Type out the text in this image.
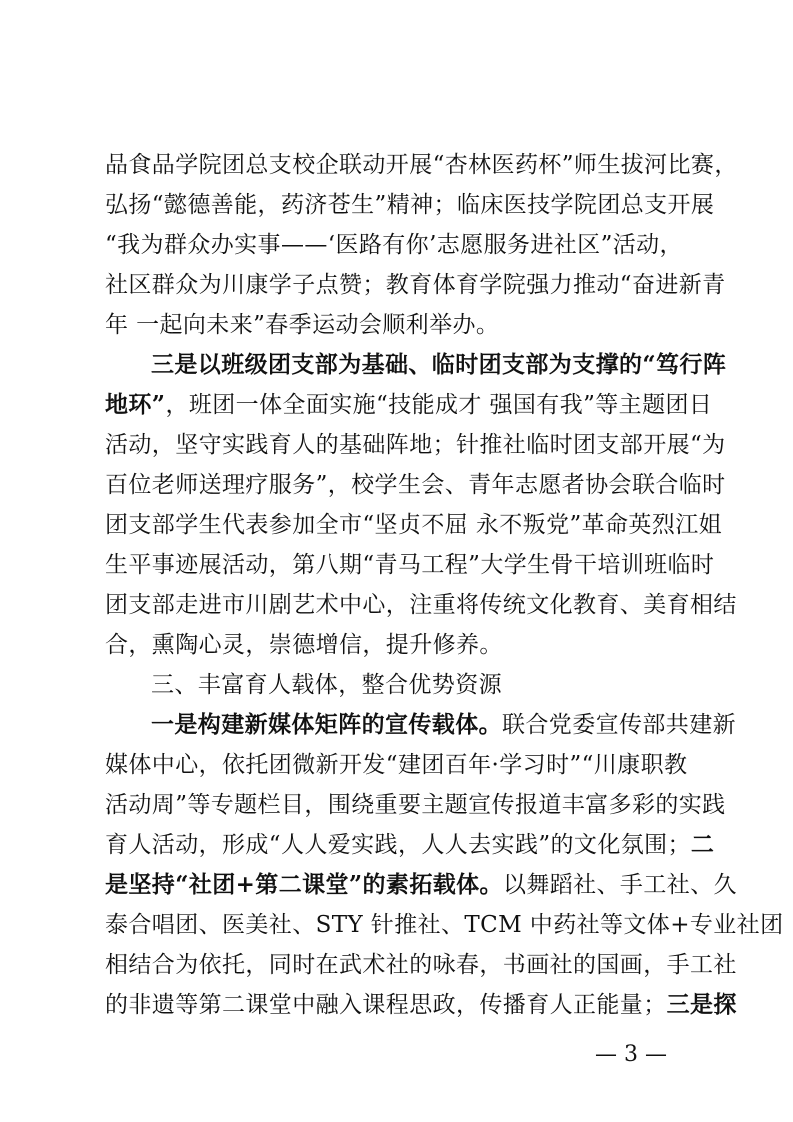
品食品学院团总支校企联动开展“杏林医药杯”师生拔河比赛，
弘扬“懿德善能，药济苍生”精神；临床医技学院团总支开展
“我为群众办实事——‘医路有你’志愿服务进社区”活动，
社区群众为川康学子点赞；教育体育学院强力推动“奋进新青
年 一起向未来”春季运动会顺利举办。
三是以班级团支部为基础、临时团支部为支撑的“笃行阵
地环”，班团一体全面实施“技能成才 强国有我”等主题团日
活动，坚守实践育人的基础阵地；针推社临时团支部开展“为
百位老师送理疗服务”，校学生会、青年志愿者协会联合临时
团支部学生代表参加全市“坚贞不屈 永不叛党”革命英烈江姐
生平事迹展活动，第八期“青马工程”大学生骨干培训班临时
团支部走进市川剧艺术中心，注重将传统文化教育、美育相结
合，熏陶心灵，崇德增信，提升修养。
三、丰富育人载体，整合优势资源
一是构建新媒体矩阵的宣传载体。联合党委宣传部共建新
媒体中心，依托团微新开发“建团百年·学习时”“川康职教
活动周”等专题栏目，围绕重要主题宣传报道丰富多彩的实践
育人活动，形成“人人爱实践，人人去实践”的文化氛围；二
是坚持“社团+第二课堂”的素拓载体。以舞蹈社、手工社、久
泰合唱团、医美社、STY 针推社、TCM 中药社等文体+专业社团
相结合为依托，同时在武术社的咏春，书画社的国画，手工社
的非遗等第二课堂中融入课程思政，传播育人正能量；三是探
— 3 —
